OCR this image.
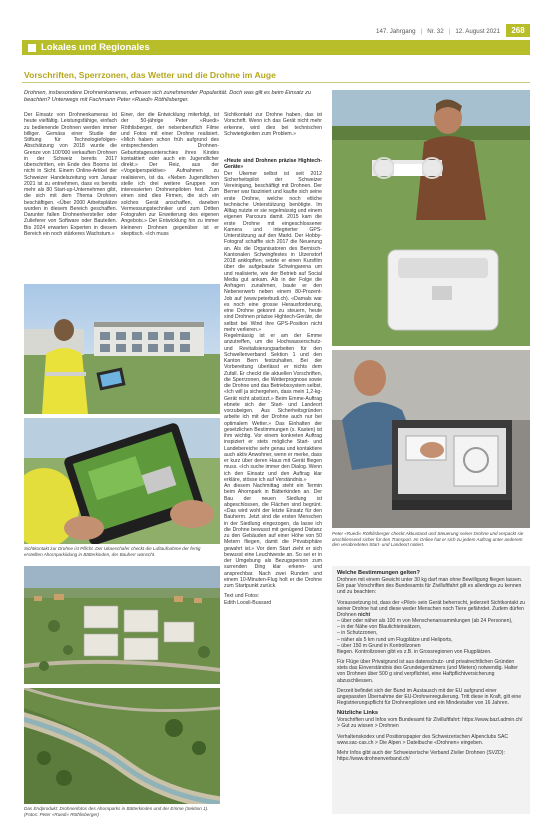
147. Jahrgang | Nr. 32 | 12. August 2021	268
Lokales und Regionales
Vorschriften, Sperrzonen, das Wetter und die Drohne im Auge
Drohnen, insbesondere Drohnenkameras, erfreuen sich zunehmender Popularität. Doch was gilt es beim Einsatz zu beachten? Unterwegs mit Fachmann Peter «Ruedi» Röthlisberger.

Der Einsatz von Drohnenkameras ist heute vielfältig. Leistungsfähige, einfach zu bedienende Drohnen werden immer billiger. Gemäss einer Studie der Stiftung für Technologiefolgen-Abschätzung von 2018 wurde die Grenze von 100'000 verkauften Drohnen in der Schweiz bereits 2017 überschritten, ein Ende des Booms ist nicht in Sicht. Einem Online-Artikel der Schweizer Handelszeitung vom Januar 2021 ist zu entnehmen, dass es bereits mehr als 80 Start-up-Unternehmen gibt, die sich mit dem Thema Drohnen beschäftigen. «Über 2000 Arbeitsplätze wurden in diesem Bereich geschaffen. Darunter fallen Drohnenhersteller oder Zulieferer von Software oder Bauteilen. Bis 2024 erwarten Experten in diesem Bereich ein noch stärkeres Wachstum.»

Einer, der die Entwicklung miterfolgt, ist der 50-jährige Peter «Ruedi» Röthlisberger, der nebenberuflich Filme und Fotos mit einer Drohne realisiert. «Mich haben schon früh aufgrund des entsprechenden Drohnen-Geburtstagesunterschies ihres Kindes kontaktiert oder auch ein Jugendlicher direkt.» Der Reiz, aus der «Vogelperspektive» Aufnahmen zu realisieren, ist da. «Neben Jugendlichen stelle ich drei weitere Gruppen von interessierten Drohnenpiloten fest. Zum einen sind dies Firmen, die sich ein solches Gerät anschaffen, daneben Vermessungstechniker und zum Dritten Fotografen zur Erweiterung des eigenen Angebots.» Der Entwicklung hin zu immer kleineren Drohnen gegenüber ist er skeptisch. «Ich muss

Sichtkontakt zur Drohne haben, das ist Vorschrift. Wenn ich das Gerät nicht mehr erkenne, wird dies bei technischen Schwierigkeiten zum Problem.»

«Heute sind Drohnen präzise Hightech-Geräte»

Der Ukemer selbst ist seit 2012 Sicherheitspilot der Schweizer Vereinigung, beschäftigt mit Drohnen. Der Berner war fasziniert und kaufte sich seine erste Drohne, welche noch etliche technische Unterstützung benötigte. Im Alltag nutzte er sie regelmässig und einem eigenen Parcours damit. 2015 kam die erste Drohne mit eingeschlossener Kamera und integrierter GPS-Unterstützung auf den Markt. Der Hobby-Fotograf schaffte sich 2017 die Neuerung an. Als die Organisatoren des Bernisch-Kantonalen Schwingfestes in Utzenstorf 2018 anklopften, setzte er einen Kursfilm über die aufgebaute Schwingarena um und realisierte, wie der Betrieb auf Social Media gut ankam. Als in der Folge die Anfragen zunahmen, baute er den Nebenerwerb neben einem 80-Prozent-Job auf (www.peterbudi.ch). «Damals war es noch eine grosse Herausforderung, eine Drohne gekonnt zu steuern, heute sind Drohnen präzise Hightech-Geräte, die selbst bei Wind ihre GPS-Position nicht mehr verlieren.»

Regelmässig ist er am der Emme anzutreffen, um die Hochwasserschutz- und Revitalisierungsarbeiten für den Schwellenverband Sektion 1 und den Kanton Bern festzuhalten. Bei der Vorbereitung überlässt er nichts dem Zufall. Er checkt die aktuellen Vorschriften, die Sperrzonen, die Wetterprognose sowie die Drohne und das Betriebssystem selbst. «Ich will ja sichergehen, dass mein 1,2-kg-Gerät nicht abstürzt.» Beim Emme-Auftrag ebnete sich der Start- und Landeort vorzubeigen. Aus Sicherheitsgründen arbeite ich mit der Drohne auch nur bei optimalem Wetter.» Das Einhalten der gesetzlichen Bestimmungen (s. Kasten) ist ihm wichtig. Vor einem konkreten Auftrag inspiziert er stets mögliche Start- und Landebereiche sehr genau und kontaktiere auch aktiv Anwohner, wenn er merke, dass er kurz über deren Haus mit Gerät fliegen muss. «Ich suche immer den Dialog. Wenn ich den Einsatz und den Auftrag klar erkläre, stösse ich auf Verständnis.»

An diesem Nachmittag steht ein Termin beim Ahornpark in Bätterkinden an. Der Bau der neuen Siedlung ist abgeschlossen, die Flächen sind begrünt. «Das wird wohl der letzte Einsatz für den Bauherrn. Jetzt sind die ersten Menschen in der Siedlung eingezogen, da lasse ich die Drohne bewusst mit genügend Distanz zu den Gebäuden auf einer Höhe von 50 Metern fliegen, damit die Privatsphäre gewahrt ist.» Vor dem Start zieht er sich bewusst eine Leuchtweste an. So sei er in der Umgebung als Bezugsperson zum surrenden Ding klar erkenn- und ansprechbar. Nach zwei Runden und einem 10-Minuten-Flug holt er die Drohne zum Startpunkt zurück.

Text und Fotos:

Edith Loosli-Bussard

Sichtkontakt zur Drohne ist Pflicht. Der Ukaeschafer checkt die Luftaufnahme der fertig erstellten Ahornparkiidung in Bätterkinden, der Bauherr wünscht.
Das Endprodukt: Drohnenfotos des Ahornparks in Bätterkinden und der Emme (Sektion 1). (Fotos: Peter «Ruedi» Röthlisberger)
Peter «Ruedi» Röthlisberger checkt Akkustand und Steuerung seiner Drohne und verpackt sie anschliessend sicher für den Transport. Im Online hat er sich zu jedem Auftrag unter anderem den verabredeten Start- und Landeort notiert.

Welche Bestimmungen gelten?

Drohnen mit einem Gewicht unter 30 kg darf man ohne Bewilligung fliegen lassen. Ein paar Vorschriften des Bundesamts für Zivilluftfahrt gilt es allerdings zu kennen und zu beachten:

Voraussetzung ist, dass der «Pilot» sein Gerät beherrscht, jederzeit Sichtkontakt zu seiner Drohne hat und diese weder Menschen noch Tiere gefährdet. Zudem dürfen Drohnen nicht

– über oder näher als 100 m von Menschenansammlungen (ab 24 Personen),
– in der Nähe von Blaulichteinsätzen,
– in Schutzzonen,
– näher als 5 km rund um Flugplätze und Heliports,
– über 150 m Grund in Kontrollzonen

fliegen. Kontrollzonen gibt es z.B. in Grossregionen von Flugplätzen.

Für Flüge über Privatgrund ist aus datenschutz- und privatrechtlichen Gründen stets das Einverständnis des Grundeigentümers (und Mieters) notwendig. Halter von Drohnen über 500 g sind verpflichtet, eine Haftpflichtversicherung abzuschliessen.

Derzeit befindet sich der Bund im Austausch mit der EU aufgrund einer angepassten Übernahme der EU-Drohnenregulierung. Tritt diese in Kraft, gilt eine Registrierungspflicht für Drohnenpiloten und ein Mindestalter von 16 Jahren.

Nützliche Links

Vorschriften und Infos vom Bundesamt für Zivilluftfahrt: https://www.bazl.admin.ch/ > Gut zu wissen > Drohnen

Verhaltenskodex und Positionspapier des Schweizerischen Alpenclubs SAC www.sac-cas.ch > Die Alpen > Dateibuche «Drohnen» eingeben.

Mehr Infos gibt auch der Schweizerische Verband Ziviler Drohnen (SVZD): https://www.drohnenverband.ch/
